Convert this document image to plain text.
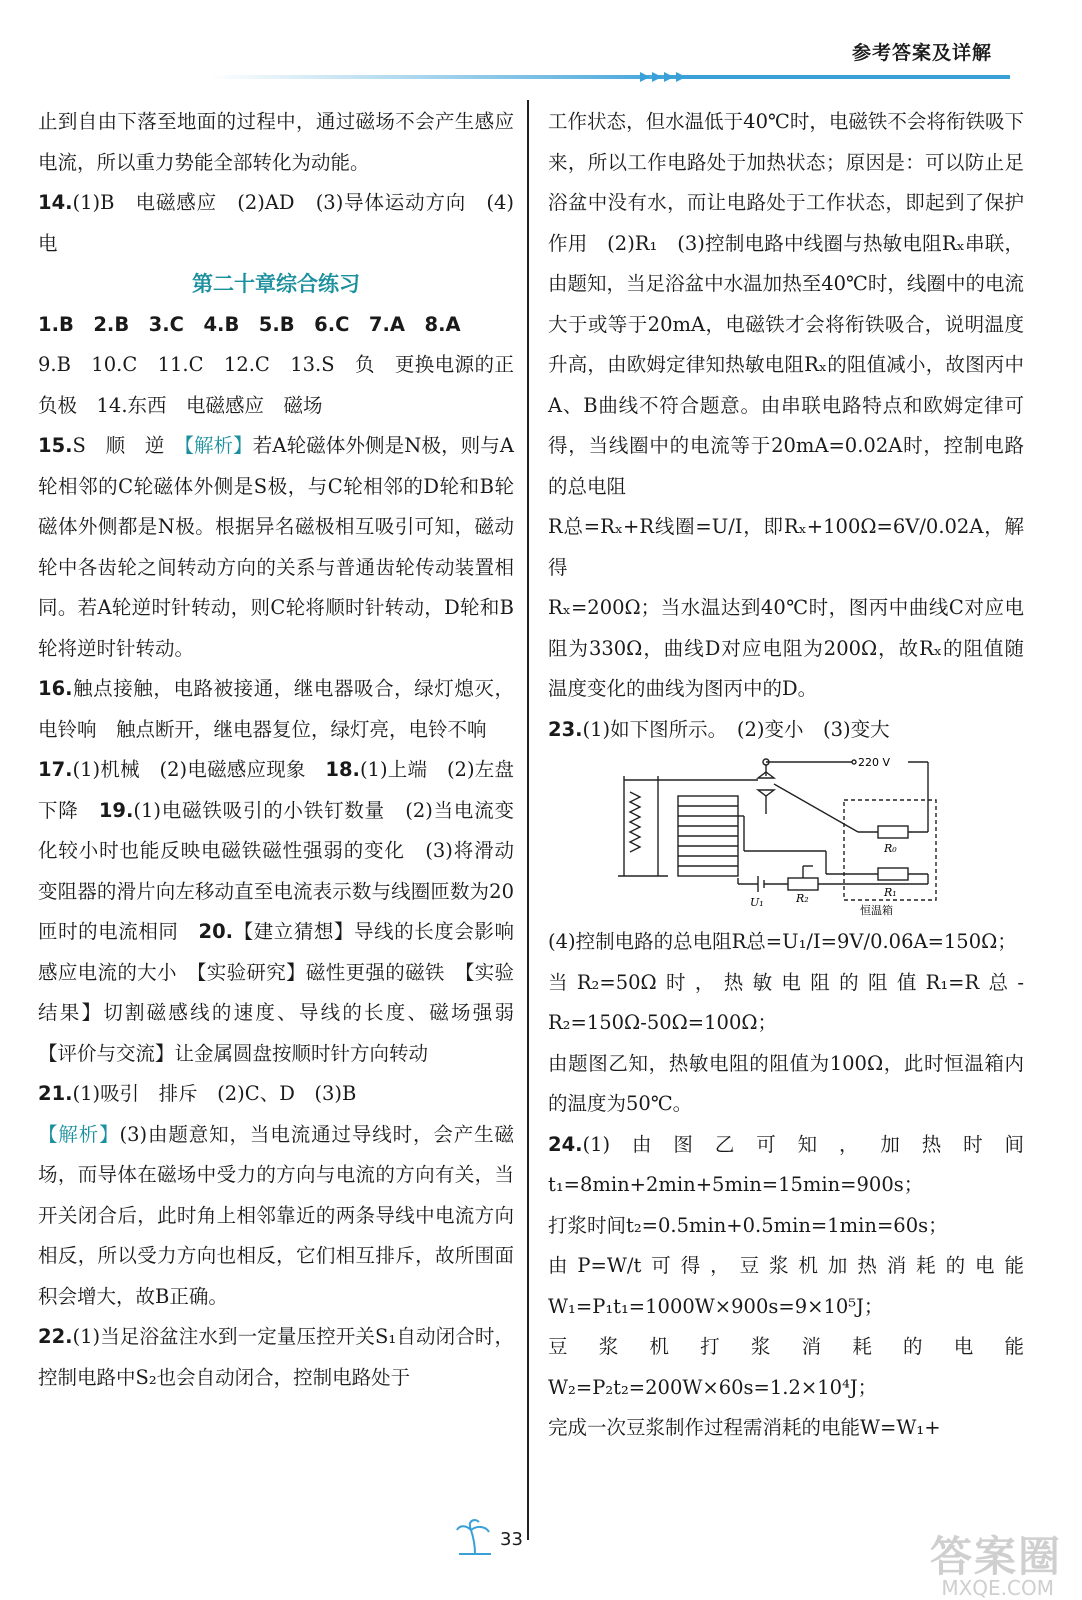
参考答案及详解

止到自由下落至地面的过程中，通过磁场不会产生感应电流，所以重力势能全部转化为动能。

14.(1)B　电磁感应　(2)AD　(3)导体运动方向　(4)电

第二十章综合练习

1.B　2.B　3.C　4.B　5.B　6.C　7.A　8.A

9.B　10.C　11.C　12.C　13.S　负　更换电源的正负极　14.东西　电磁感应　磁场

15.S　顺　逆　【解析】若A轮磁体外侧是N极，则与A轮相邻的C轮磁体外侧是S极，与C轮相邻的D轮和B轮磁体外侧都是N极。根据异名磁极相互吸引可知，磁动轮中各齿轮之间转动方向的关系与普通齿轮传动装置相同。若A轮逆时针转动，则C轮将顺时针转动，D轮和B轮将逆时针转动。

16.触点接触，电路被接通，继电器吸合，绿灯熄灭，电铃响　触点断开，继电器复位，绿灯亮，电铃不响

17.(1)机械　(2)电磁感应现象　18.(1)上端　(2)左盘下降　19.(1)电磁铁吸引的小铁钉数量　(2)当电流变化较小时也能反映电磁铁磁性强弱的变化　(3)将滑动变阻器的滑片向左移动直至电流表示数与线圈匝数为20匝时的电流相同　20.【建立猜想】导线的长度会影响感应电流的大小　【实验研究】磁性更强的磁铁　【实验结果】切割磁感线的速度、导线的长度、磁场强弱　【评价与交流】让金属圆盘按顺时针方向转动

21.(1)吸引　排斥　(2)C、D　(3)B

【解析】(3)由题意知，当电流通过导线时，会产生磁场，而导体在磁场中受力的方向与电流的方向有关，当开关闭合后，此时角上相邻靠近的两条导线中电流方向相反，所以受力方向也相反，它们相互排斥，故所围面积会增大，故B正确。

22.(1)当足浴盆注水到一定量压控开关S₁自动闭合时，控制电路中S₂也会自动闭合，控制电路处于

工作状态，但水温低于40℃时，电磁铁不会将衔铁吸下来，所以工作电路处于加热状态；原因是：可以防止足浴盆中没有水，而让电路处于工作状态，即起到了保护作用　(2)R₁　(3)控制电路中线圈与热敏电阻Rₓ串联，由题知，当足浴盆中水温加热至40℃时，线圈中的电流大于或等于20mA，电磁铁才会将衔铁吸合，说明温度升高，由欧姆定律知热敏电阻Rₓ的阻值减小，故图丙中A、B曲线不符合题意。由串联电路特点和欧姆定律可得，当线圈中的电流等于20mA=0.02A时，控制电路的总电阻

R总=Rₓ+R线圈=U/I，即Rₓ+100Ω=6V/0.02A，解得

Rₓ=200Ω；当水温达到40℃时，图丙中曲线C对应电阻为330Ω，曲线D对应电阻为200Ω，故Rₓ的阻值随温度变化的曲线为图丙中的D。

23.(1)如下图所示。　(2)变小　(3)变大

220 V
R₀
R₁
R₂
U₁
恒温箱

(4)控制电路的总电阻R总=U₁/I=9V/0.06A=150Ω；

当R₂=50Ω时，热敏电阻的阻值R₁=R总-R₂=150Ω-50Ω=100Ω；

由题图乙知，热敏电阻的阻值为100Ω，此时恒温箱内的温度为50℃。

24.(1)由图乙可知，加热时间t₁=8min+2min+5min=15min=900s；

打浆时间t₂=0.5min+0.5min=1min=60s；

由P=W/t可得，豆浆机加热消耗的电能W₁=P₁t₁=1000W×900s=9×10⁵J；

豆浆机打浆消耗的电能W₂=P₂t₂=200W×60s=1.2×10⁴J；

完成一次豆浆制作过程需消耗的电能W=W₁+

33	答案圈
MXQE.COM
